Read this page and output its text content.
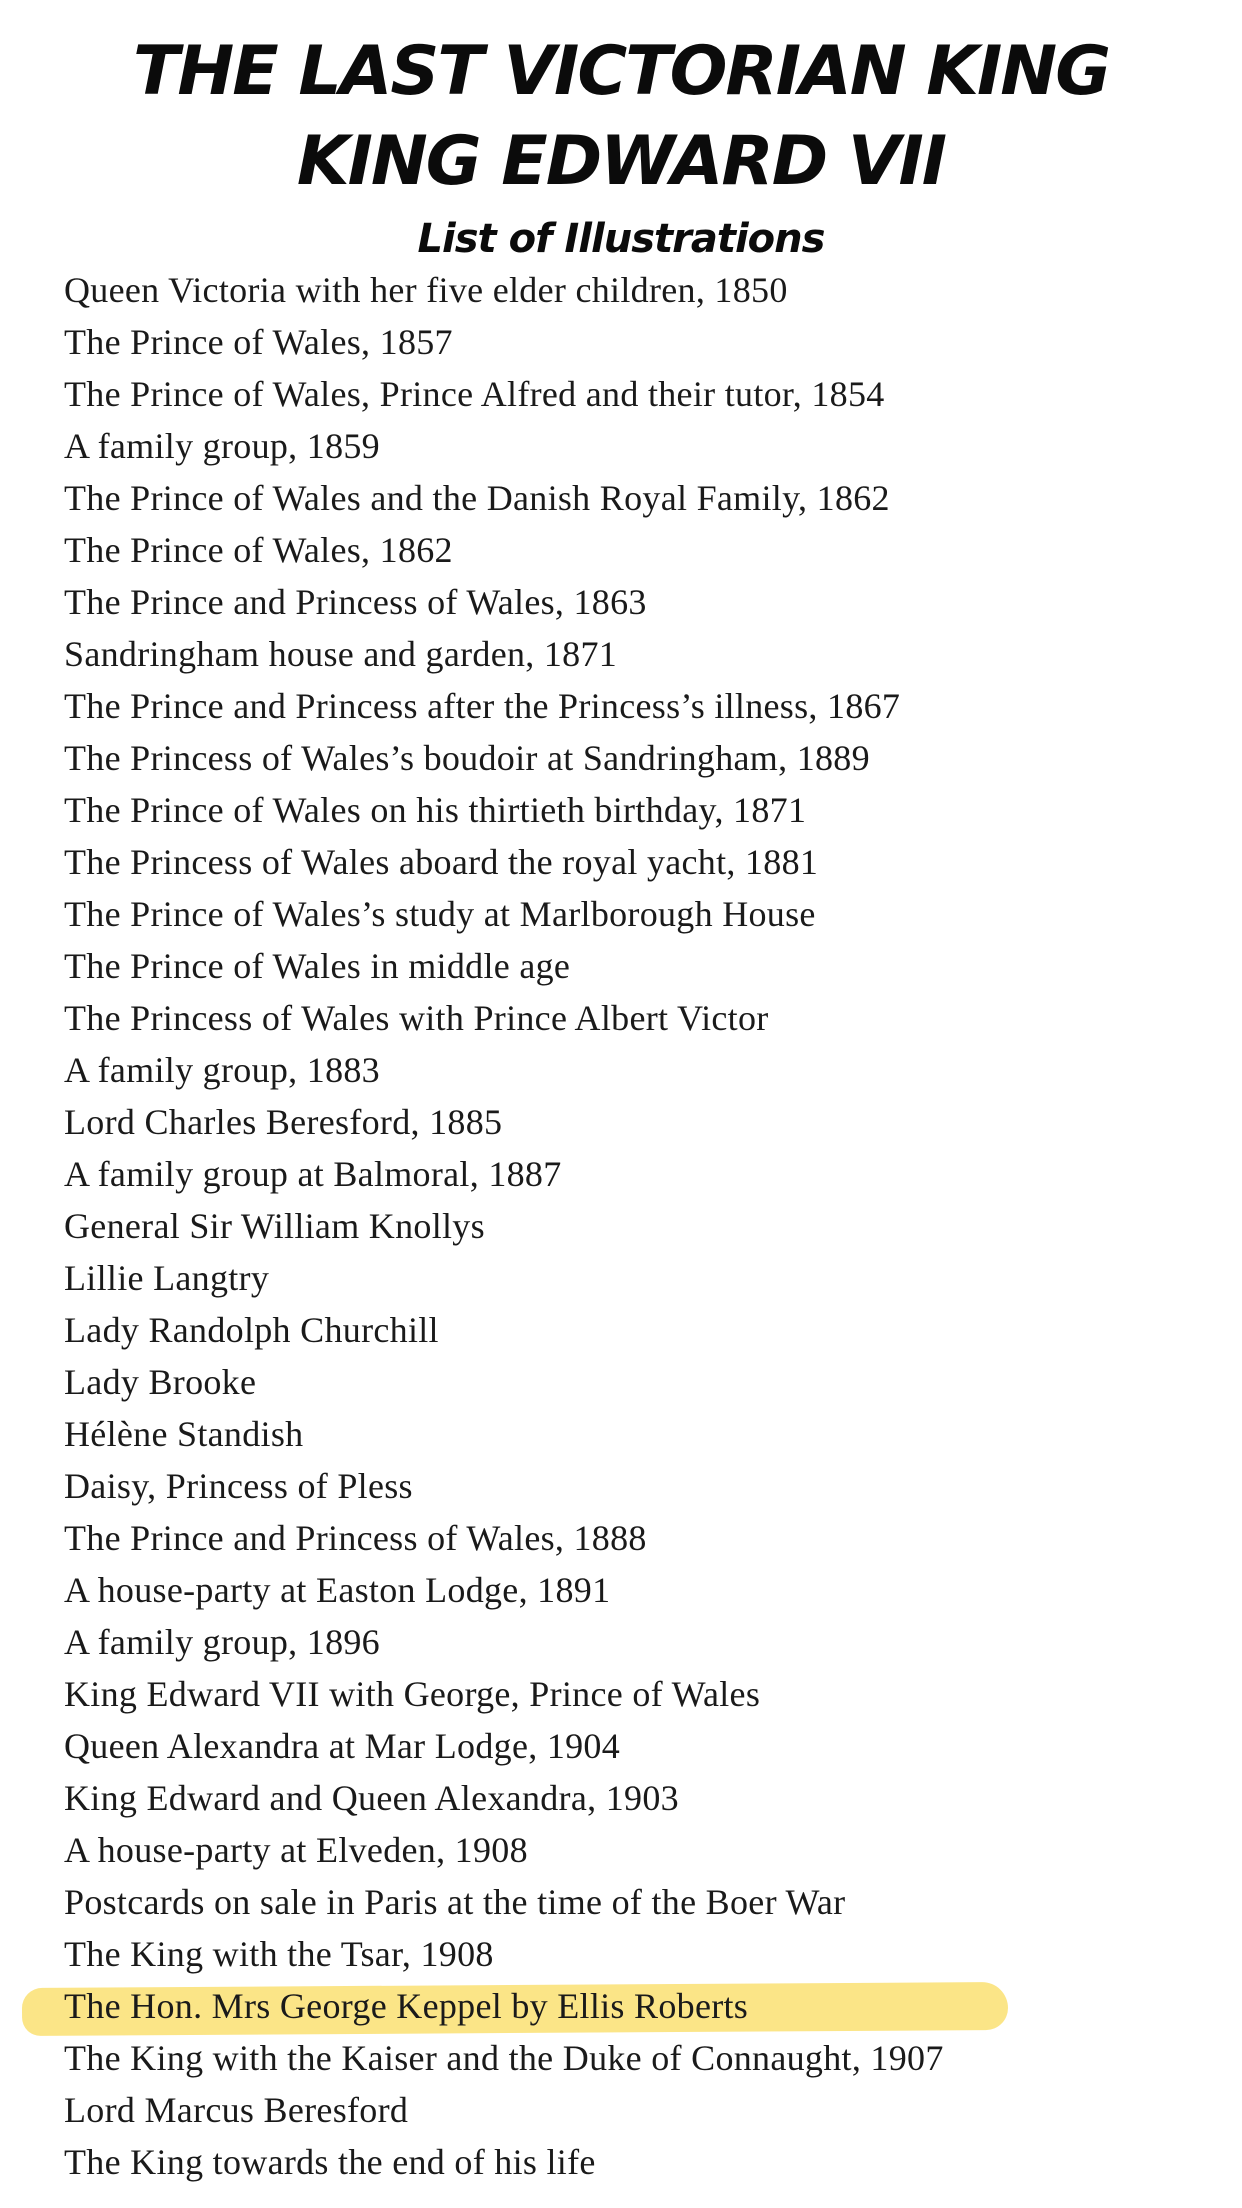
THE LAST VICTORIAN KING
KING EDWARD VII
List of Illustrations
Queen Victoria with her five elder children, 1850
The Prince of Wales, 1857
The Prince of Wales, Prince Alfred and their tutor, 1854
A family group, 1859
The Prince of Wales and the Danish Royal Family, 1862
The Prince of Wales, 1862
The Prince and Princess of Wales, 1863
Sandringham house and garden, 1871
The Prince and Princess after the Princess’s illness, 1867
The Princess of Wales’s boudoir at Sandringham, 1889
The Prince of Wales on his thirtieth birthday, 1871
The Princess of Wales aboard the royal yacht, 1881
The Prince of Wales’s study at Marlborough House
The Prince of Wales in middle age
The Princess of Wales with Prince Albert Victor
A family group, 1883
Lord Charles Beresford, 1885
A family group at Balmoral, 1887
General Sir William Knollys
Lillie Langtry
Lady Randolph Churchill
Lady Brooke
Hélène Standish
Daisy, Princess of Pless
The Prince and Princess of Wales, 1888
A house-party at Easton Lodge, 1891
A family group, 1896
King Edward VII with George, Prince of Wales
Queen Alexandra at Mar Lodge, 1904
King Edward and Queen Alexandra, 1903
A house-party at Elveden, 1908
Postcards on sale in Paris at the time of the Boer War
The King with the Tsar, 1908
The Hon. Mrs George Keppel by Ellis Roberts
The King with the Kaiser and the Duke of Connaught, 1907
Lord Marcus Beresford
The King towards the end of his life
